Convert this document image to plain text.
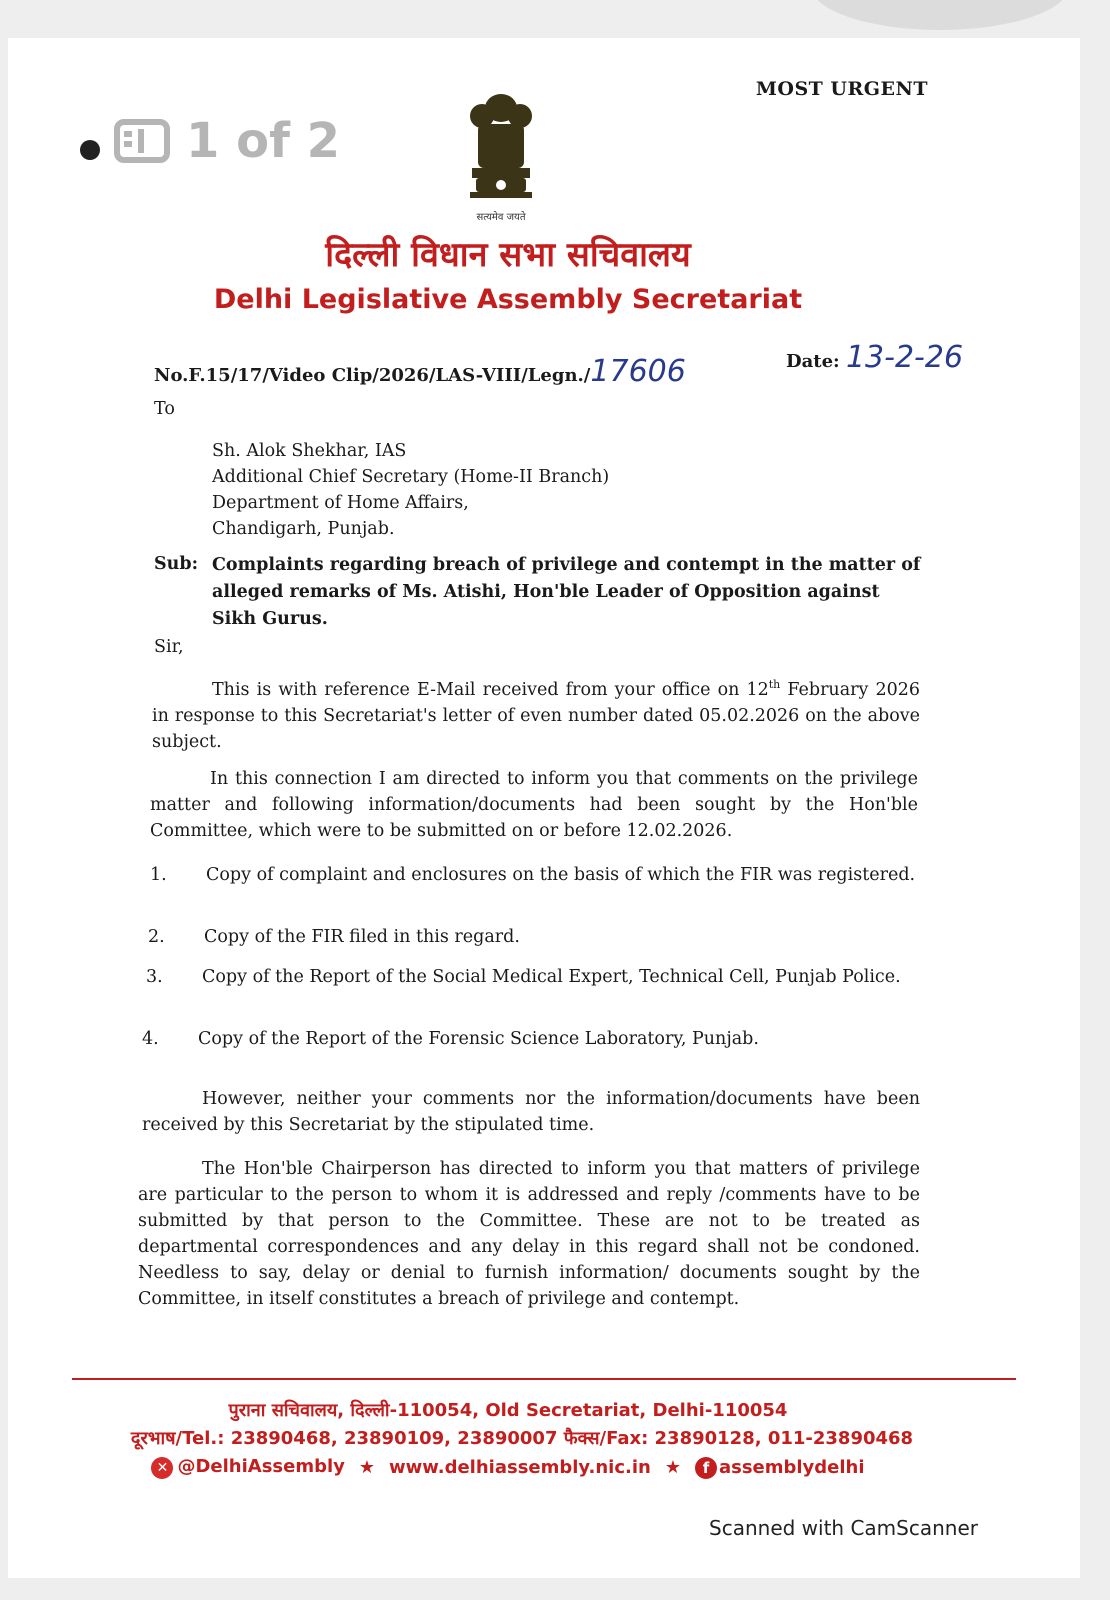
1 of 2
MOST URGENT
सत्यमेव जयते
दिल्ली विधान सभा सचिवालय
Delhi Legislative Assembly Secretariat
No.F.15/17/Video Clip/2026/LAS-VIII/Legn./17606	Date: 13-2-26
To
Sh. Alok Shekhar, IAS
Additional Chief Secretary (Home-II Branch)
Department of Home Affairs,
Chandigarh, Punjab.
Sub: Complaints regarding breach of privilege and contempt in the matter of alleged remarks of Ms. Atishi, Hon'ble Leader of Opposition against Sikh Gurus.
Sir,
This is with reference E-Mail received from your office on 12th February 2026 in response to this Secretariat's letter of even number dated 05.02.2026 on the above subject.
In this connection I am directed to inform you that comments on the privilege matter and following information/documents had been sought by the Hon'ble Committee, which were to be submitted on or before 12.02.2026.
1.	Copy of complaint and enclosures on the basis of which the FIR was registered.
2.	Copy of the FIR filed in this regard.
3.	Copy of the Report of the Social Medical Expert, Technical Cell, Punjab Police.
4.	Copy of the Report of the Forensic Science Laboratory, Punjab.
However, neither your comments nor the information/documents have been received by this Secretariat by the stipulated time.
The Hon'ble Chairperson has directed to inform you that matters of privilege are particular to the person to whom it is addressed and reply /comments have to be submitted by that person to the Committee. These are not to be treated as departmental correspondences and any delay in this regard shall not be condoned. Needless to say, delay or denial to furnish information/ documents sought by the Committee, in itself constitutes a breach of privilege and contempt.
पुराना सचिवालय, दिल्ली-110054, Old Secretariat, Delhi-110054
दूरभाष/Tel.: 23890468, 23890109, 23890007 फैक्स/Fax: 23890128, 011-23890468
✕ @DelhiAssembly ★ www.delhiassembly.nic.in ★	f assemblydelhi
Scanned with CamScanner
